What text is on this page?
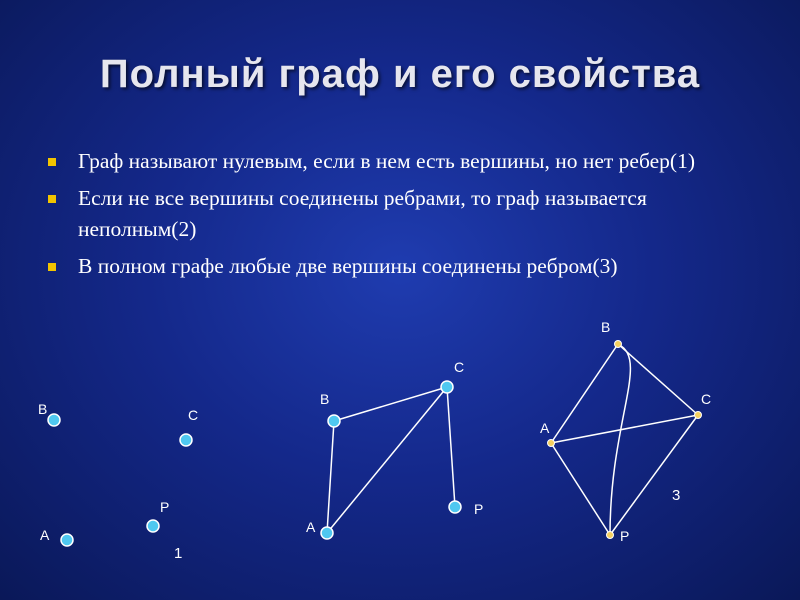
Полный граф и его свойства
Граф называют нулевым, если в нем есть вершины, но нет ребер(1)
Если не все вершины соединены ребрами, то граф называется неполным(2)
В полном графе любые две вершины соединены ребром(3)
B	C
P
A
1
C
B
P
A
B
C
A
P
3
